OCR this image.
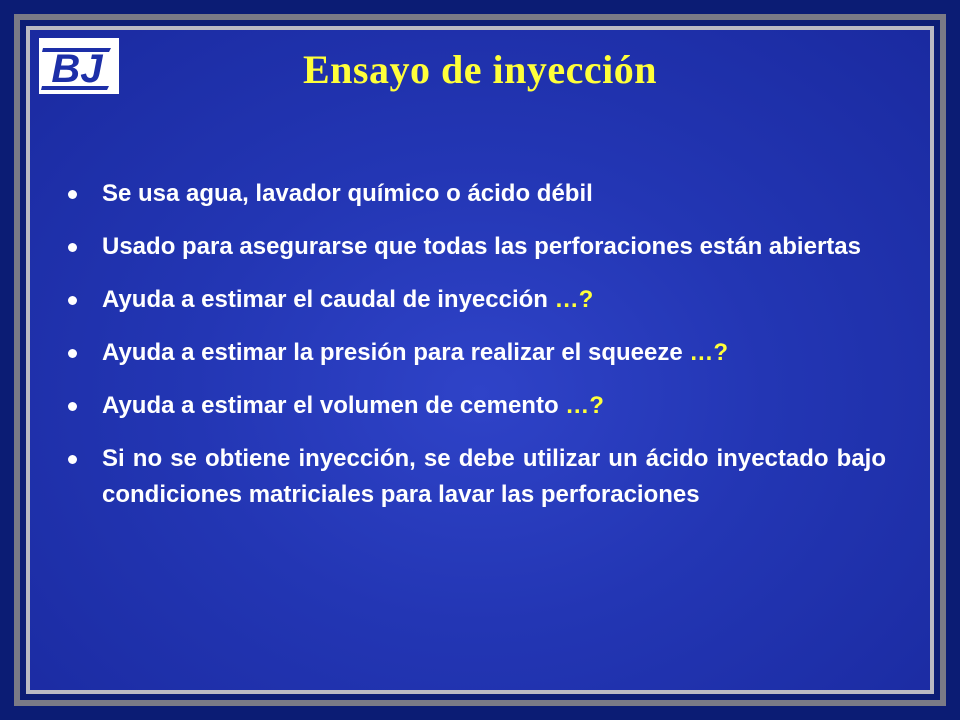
BJ	Ensayo de inyección
Se usa agua, lavador químico o ácido débil
Usado para asegurarse que todas las perforaciones están abiertas
Ayuda a estimar el caudal de inyección …?
Ayuda a estimar la presión para realizar el squeeze …?
Ayuda a estimar el volumen de cemento …?
Si no se obtiene inyección, se debe utilizar un ácido inyectado bajo condiciones matriciales para lavar las perforaciones
